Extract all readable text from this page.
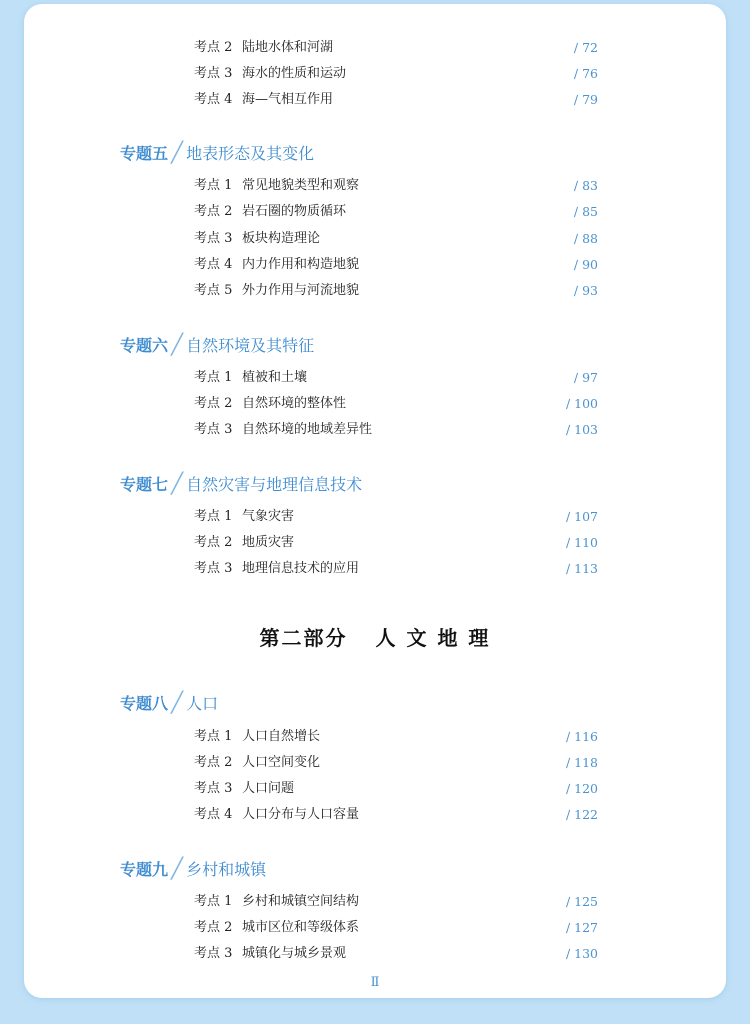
考点 2 陆地水体和河湖	∕ 72
考点 3 海水的性质和运动	∕ 76
考点 4 海—气相互作用	∕ 79
专题五 ╱ 地表形态及其变化
考点 1 常见地貌类型和观察	∕ 83
考点 2 岩石圈的物质循环	∕ 85
考点 3 板块构造理论	∕ 88
考点 4 内力作用和构造地貌	∕ 90
考点 5 外力作用与河流地貌	∕ 93
专题六 ╱ 自然环境及其特征
考点 1 植被和土壤	∕ 97
考点 2 自然环境的整体性	∕ 100
考点 3 自然环境的地域差异性	∕ 103
专题七 ╱ 自然灾害与地理信息技术
考点 1 气象灾害	∕ 107
考点 2 地质灾害	∕ 110
考点 3 地理信息技术的应用	∕ 113
第二部分 人 文 地 理
专题八 ╱ 人口
考点 1 人口自然增长	∕ 116
考点 2 人口空间变化	∕ 118
考点 3 人口问题	∕ 120
考点 4 人口分布与人口容量	∕ 122
专题九 ╱ 乡村和城镇
考点 1 乡村和城镇空间结构	∕ 125
考点 2 城市区位和等级体系	∕ 127
考点 3 城镇化与城乡景观	∕ 130
Ⅱ
